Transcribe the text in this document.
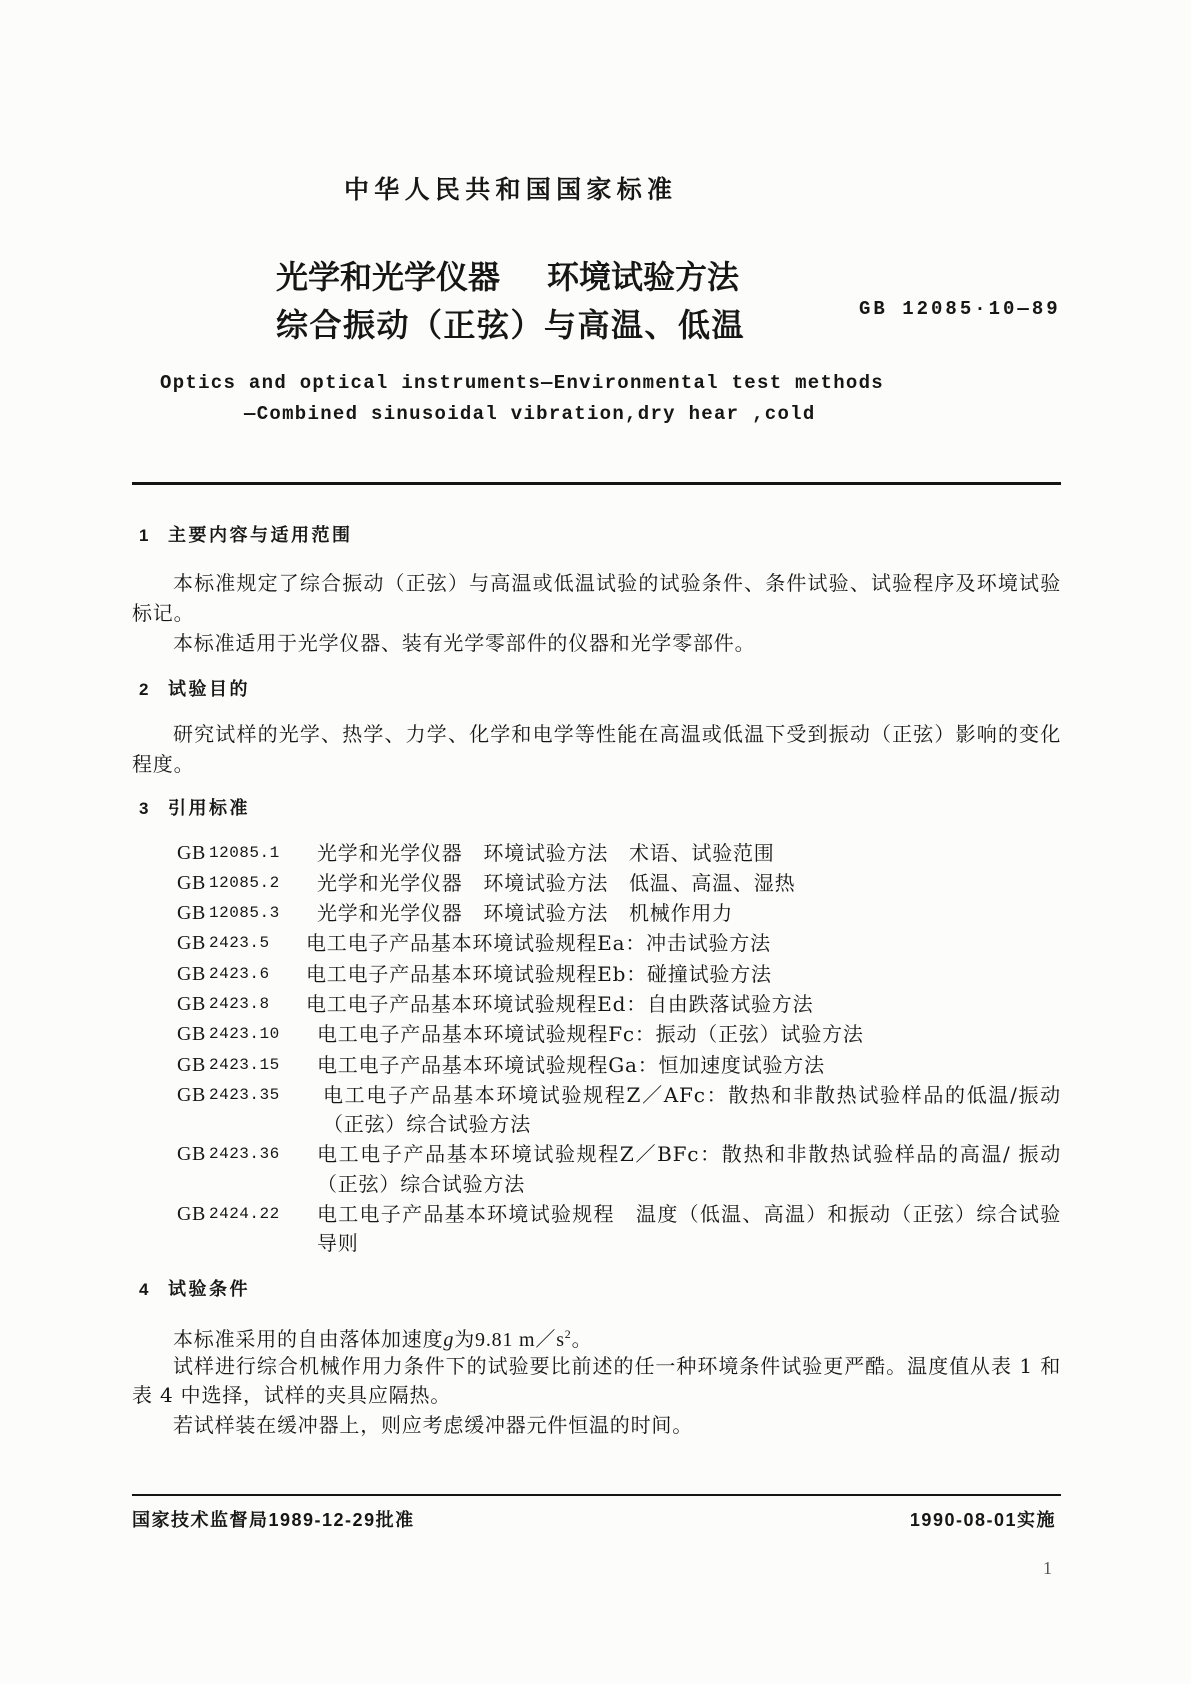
中华人民共和国国家标准
光学和光学仪器 环境试验方法
综合振动（正弦）与高温、低温	GB 12085·10—89
Optics and optical instruments—Environmental test methods
—Combined sinusoidal vibration,dry hear ,cold
1 主要内容与适用范围
本标准规定了综合振动（正弦）与高温或低温试验的试验条件、条件试验、试验程序及环境试验
标记。
本标准适用于光学仪器、装有光学零部件的仪器和光学零部件。
2 试验目的
研究试样的光学、热学、力学、化学和电学等性能在高温或低温下受到振动（正弦）影响的变化
程度。
3 引用标准
GB 12085.1 光学和光学仪器　环境试验方法　术语、试验范围
GB 12085.2 光学和光学仪器　环境试验方法　低温、高温、湿热
GB 12085.3 光学和光学仪器　环境试验方法　机械作用力
GB 2423.5 电工电子产品基本环境试验规程Ea：冲击试验方法
GB 2423.6 电工电子产品基本环境试验规程Eb：碰撞试验方法
GB 2423.8 电工电子产品基本环境试验规程Ed：自由跌落试验方法
GB 2423.10 电工电子产品基本环境试验规程Fc：振动（正弦）试验方法
GB 2423.15 电工电子产品基本环境试验规程Ga：恒加速度试验方法
GB 2423.35 电工电子产品基本环境试验规程Z／AFc：散热和非散热试验样品的低温/振动
（正弦）综合试验方法
GB 2423.36 电工电子产品基本环境试验规程Z／BFc：散热和非散热试验样品的高温/ 振动
（正弦）综合试验方法
GB 2424.22 电工电子产品基本环境试验规程　温度（低温、高温）和振动（正弦）综合试验
导则
4 试验条件
本标准采用的自由落体加速度g为9.81 $m/s^2$。
试样进行综合机械作用力条件下的试验要比前述的任一种环境条件试验更严酷。温度值从表 1 和
表 4 中选择，试样的夹具应隔热。
若试样装在缓冲器上，则应考虑缓冲器元件恒温的时间。
国家技术监督局1989-12-29批准	1990-08-01实施
1
